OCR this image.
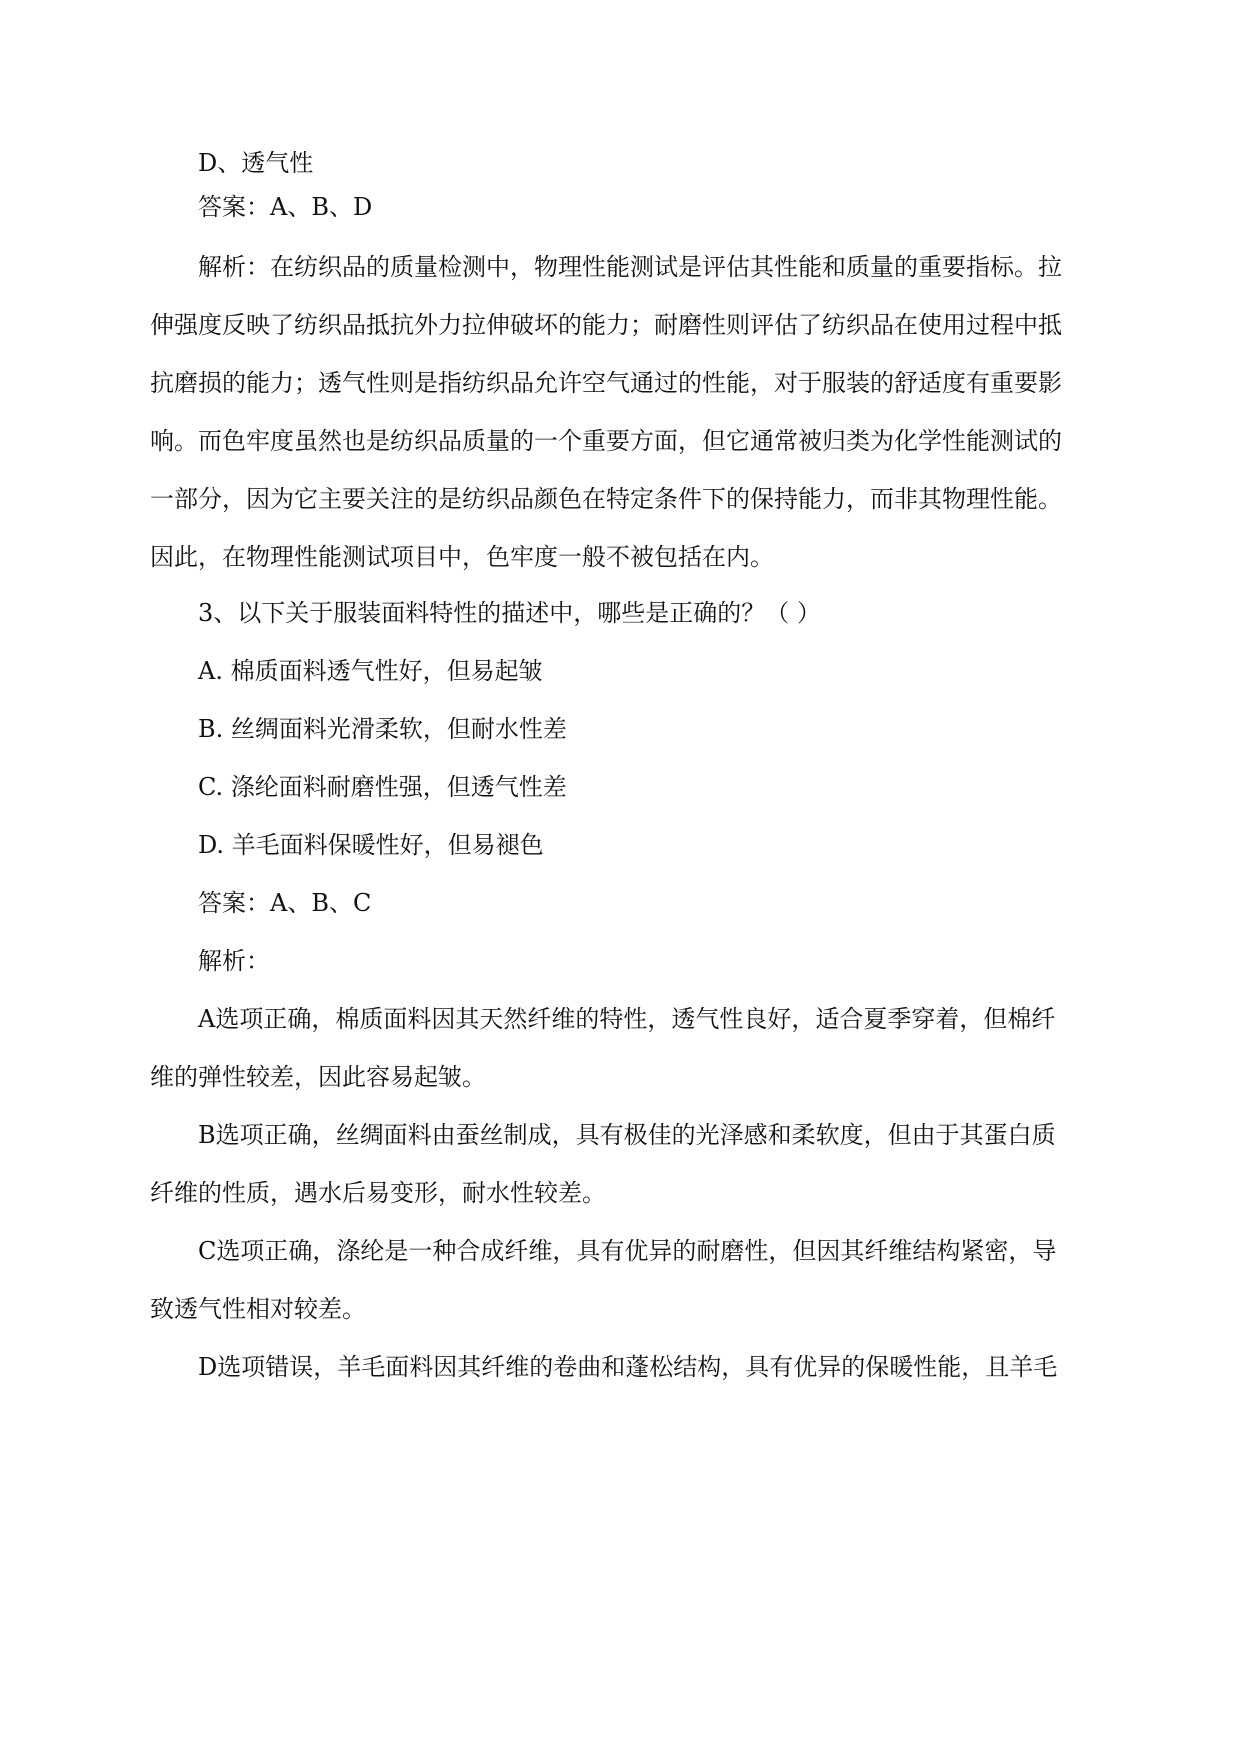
D、透气性
答案：A、B、D
解析：在纺织品的质量检测中，物理性能测试是评估其性能和质量的重要指标。拉
伸强度反映了纺织品抵抗外力拉伸破坏的能力；耐磨性则评估了纺织品在使用过程中抵
抗磨损的能力；透气性则是指纺织品允许空气通过的性能，对于服装的舒适度有重要影
响。而色牢度虽然也是纺织品质量的一个重要方面，但它通常被归类为化学性能测试的
一部分，因为它主要关注的是纺织品颜色在特定条件下的保持能力，而非其物理性能。
因此，在物理性能测试项目中，色牢度一般不被包括在内。
3、以下关于服装面料特性的描述中，哪些是正确的？（ ）
A. 棉质面料透气性好，但易起皱
B. 丝绸面料光滑柔软，但耐水性差
C. 涤纶面料耐磨性强，但透气性差
D. 羊毛面料保暖性好，但易褪色
答案：A、B、C
解析：
A选项正确，棉质面料因其天然纤维的特性，透气性良好，适合夏季穿着，但棉纤
维的弹性较差，因此容易起皱。
B选项正确，丝绸面料由蚕丝制成，具有极佳的光泽感和柔软度，但由于其蛋白质
纤维的性质，遇水后易变形，耐水性较差。
C选项正确，涤纶是一种合成纤维，具有优异的耐磨性，但因其纤维结构紧密，导
致透气性相对较差。
D选项错误，羊毛面料因其纤维的卷曲和蓬松结构，具有优异的保暖性能，且羊毛
